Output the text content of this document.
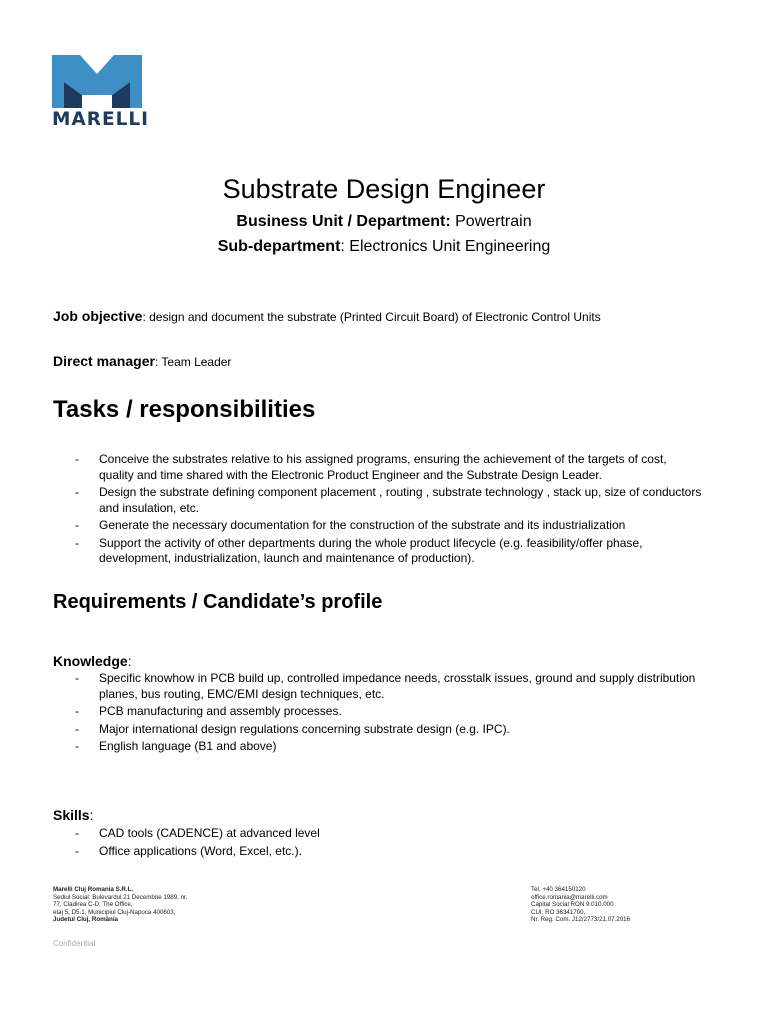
MARELLI
Substrate Design Engineer
Business Unit / Department: Powertrain
Sub-department: Electronics Unit Engineering
Job objective: design and document the substrate (Printed Circuit Board) of Electronic Control Units
Direct manager: Team Leader
Tasks / responsibilities
- Conceive the substrates relative to his assigned programs, ensuring the achievement of the targets of cost, quality and time shared with the Electronic Product Engineer and the Substrate Design Leader.
- Design the substrate defining component placement , routing , substrate technology , stack up, size of conductors and insulation, etc.
- Generate the necessary documentation for the construction of the substrate and its industrialization
- Support the activity of other departments during the whole product lifecycle (e.g. feasibility/offer phase, development, industrialization, launch and maintenance of production).
Requirements / Candidate’s profile
Knowledge:
- Specific knowhow in PCB build up, controlled impedance needs, crosstalk issues, ground and supply distribution planes, bus routing, EMC/EMI design techniques, etc.
- PCB manufacturing and assembly processes.
- Major international design regulations concerning substrate design (e.g. IPC).
- English language (B1 and above)
Skills:
- CAD tools (CADENCE) at advanced level
- Office applications (Word, Excel, etc.).
Marelli Cluj Romania S.R.L.
Sediul Social: Bulevardul 21 Decembrie 1989, nr.
77, Cladirea C-D, The Office,
etaj 5, D5.1, Municipiul Cluj-Napoca 400603,
Judetul Cluj, România
Tel. +40 364150120
office.romania@marelli.com
Capital Social RON 9.010.000
CUI: RO 36341700,
Nr. Reg. Com. J12/2773/21.07.2016
Confidential
